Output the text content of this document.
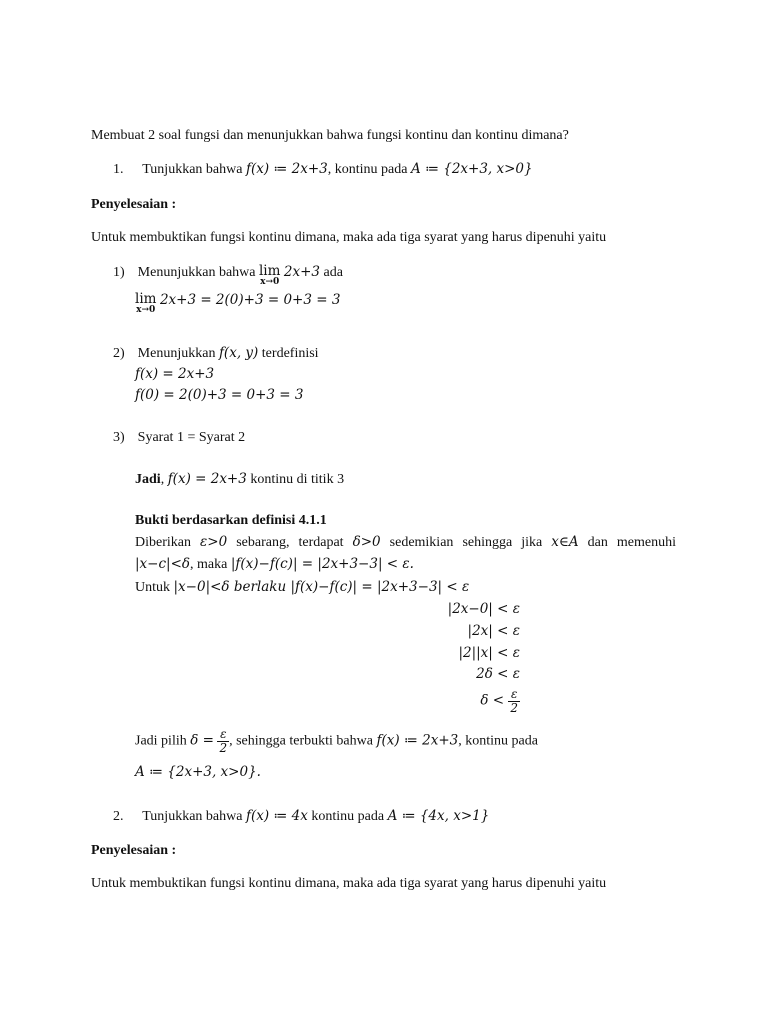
Membuat 2 soal fungsi dan menunjukkan bahwa fungsi kontinu dan kontinu dimana?
1. Tunjukkan bahwa f(x) ≔ 2x+3, kontinu pada A ≔ {2x+3, x>0}
Penyelesaian :
Untuk membuktikan fungsi kontinu dimana, maka ada tiga syarat yang harus dipenuhi yaitu
1) Menunjukkan bahwa lim
x→0
2x+3 ada
lim
x→0
2x+3 = 2(0)+3 = 0+3 = 3
2) Menunjukkan f(x, y) terdefinisi
f(x) = 2x+3
f(0) = 2(0)+3 = 0+3 = 3
3) Syarat 1 = Syarat 2
Jadi, f(x) = 2x+3 kontinu di titik 3
Bukti berdasarkan definisi 4.1.1
Diberikan ε>0 sebarang, terdapat δ>0 sedemikian sehingga jika x∈A dan memenuhi
|x−c|<δ, maka |f(x)−f(c)| = |2x+3−3| < ε.
Untuk |x−0|<δ berlaku |f(x)−f(c)| = |2x+3−3| < ε
|2x−0| < ε
|2x| < ε
|2||x| < ε
2δ < ε
$\delta < \frac{\varepsilon}{2}$
Jadi pilih $\delta = \frac{\varepsilon}{2}$ , sehingga terbukti bahwa f(x) ≔ 2x+3, kontinu pada
A ≔ {2x+3, x>0}.
2. Tunjukkan bahwa f(x) ≔ 4x kontinu pada A ≔ {4x, x>1}
Penyelesaian :
Untuk membuktikan fungsi kontinu dimana, maka ada tiga syarat yang harus dipenuhi yaitu
